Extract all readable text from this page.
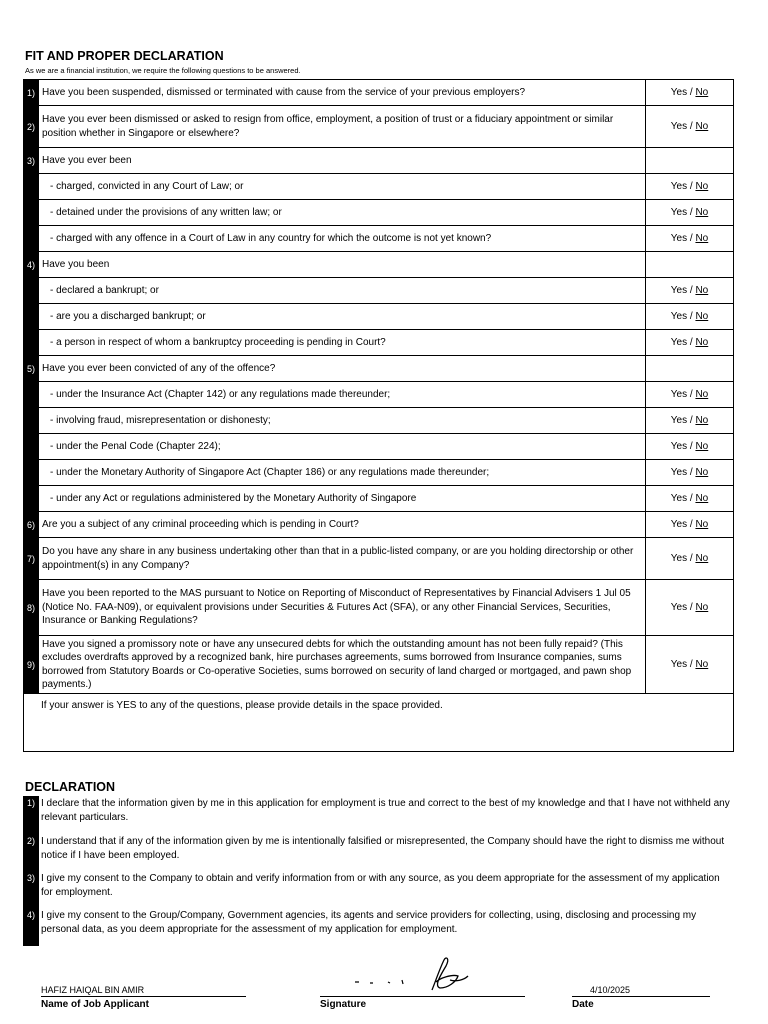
FIT AND PROPER DECLARATION
As we are a financial institution, we require the following questions to be answered.
1)	Have you been suspended, dismissed or terminated with cause from the service of your previous employers?	Yes / No
2)	Have you ever been dismissed or asked to resign from office, employment, a position of trust or a fiduciary appointment or similar position whether in Singapore or elsewhere?	Yes / No
3)	Have you ever been	
	- charged, convicted in any Court of Law; or	Yes / No
	- detained under the provisions of any written law; or	Yes / No
	- charged with any offence in a Court of Law in any country for which the outcome is not yet known?	Yes / No
4)	Have you been	
	- declared a bankrupt; or	Yes / No
	- are you a discharged bankrupt; or	Yes / No
	- a person in respect of whom a bankruptcy proceeding is pending in Court?	Yes / No
5)	Have you ever been convicted of any of the offence?	
	- under the Insurance Act (Chapter 142) or any regulations made thereunder;	Yes / No
	- involving fraud, misrepresentation or dishonesty;	Yes / No
	- under the Penal Code (Chapter 224);	Yes / No
	- under the Monetary Authority of Singapore Act (Chapter 186) or any regulations made thereunder;	Yes / No
	- under any Act or regulations administered by the Monetary Authority of Singapore	Yes / No
6)	Are you a subject of any criminal proceeding which is pending in Court?	Yes / No
7)	Do you have any share in any business undertaking other than that in a public-listed company, or are you holding directorship or other appointment(s) in any Company?	Yes / No
8)	Have you been reported to the MAS pursuant to Notice on Reporting of Misconduct of Representatives by Financial Advisers 1 Jul 05 (Notice No. FAA-N09), or equivalent provisions under Securities & Futures Act (SFA), or any other Financial Services, Securities, Insurance or Banking Regulations?	Yes / No
9)	Have you signed a promissory note or have any unsecured debts for which the outstanding amount has not been fully repaid? (This excludes overdrafts approved by a recognized bank, hire purchases agreements, sums borrowed from Insurance companies, sums borrowed from Statutory Boards or Co-operative Societies, sums borrowed on security of land charged or mortgaged, and pawn shop payments.)	Yes / No
If your answer is YES to any of the questions, please provide details in the space provided.		
DECLARATION
1) I declare that the information given by me in this application for employment is true and correct to the best of my knowledge and that I have not withheld any relevant particulars.
2) I understand that if any of the information given by me is intentionally falsified or misrepresented, the Company should have the right to dismiss me without notice if I have been employed.
3) I give my consent to the Company to obtain and verify information from or with any source, as you deem appropriate for the assessment of my application for employment.
4) I give my consent to the Group/Company, Government agencies, its agents and service providers for collecting, using, disclosing and processing my personal data, as you deem appropriate for the assessment of my application for employment.
HAFIZ HAIQAL BIN AMIR
Name of Job Applicant	Signature
4/10/2025
Date
